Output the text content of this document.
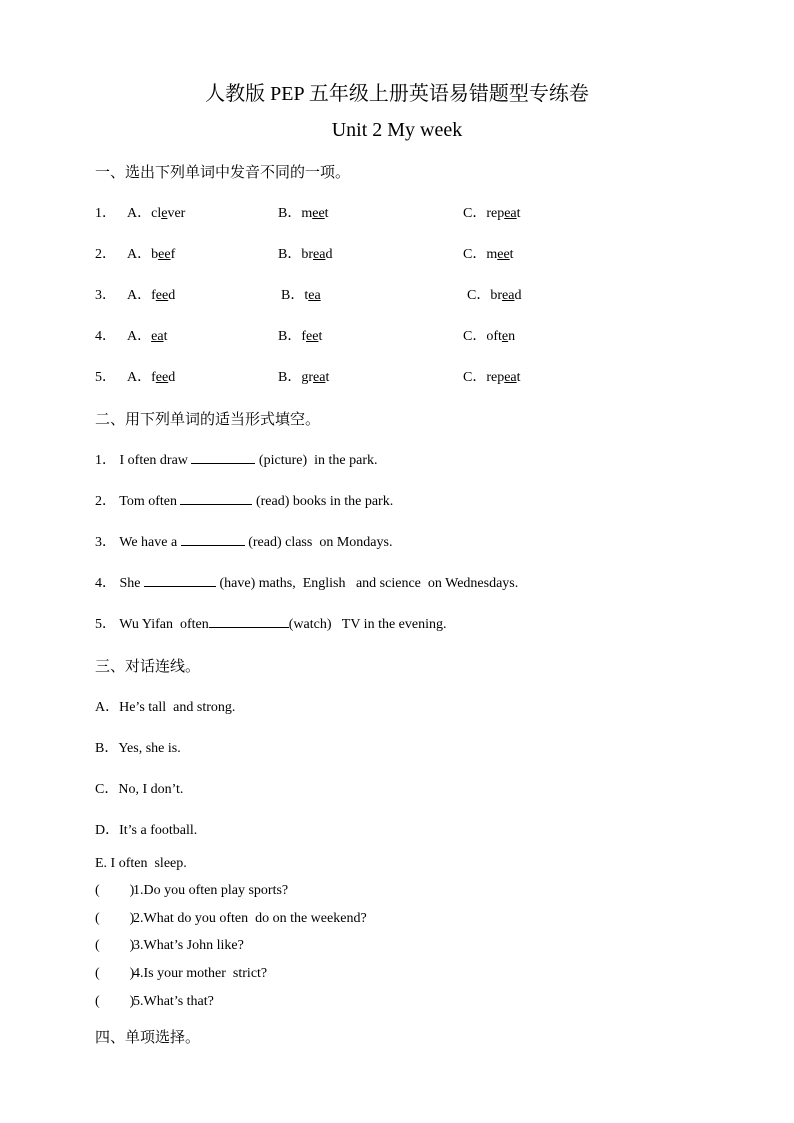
人教版 PEP 五年级上册英语易错题型专练卷
Unit 2 My week
一、选出下列单词中发音不同的一项。
1． A．clever	B．meet	C．repeat
2． A．beef	B．bread	C．meet
3． A．feed	B．tea	C．bread
4． A．eat	B．feet	C．often
5． A．feed	B．great	C．repeat
二、用下列单词的适当形式填空。
1． I often draw	(picture)  in the park.
2． Tom often	(read) books in the park.
3． We have a	(read) class  on Mondays.
4． She	(have) maths,  English   and science  on Wednesdays.
5． Wu Yifan  often	(watch)   TV in the evening.
三、对话连线。
A．He’s tall  and strong.
B．Yes, she is.
C．No, I don’t.
D．It’s a football.
E. I often  sleep.
( )1.Do you often play sports?
( )2.What do you often  do on the weekend?
( )3.What’s John like?
( )4.Is your mother  strict?
( )5.What’s that?
四、单项选择。
